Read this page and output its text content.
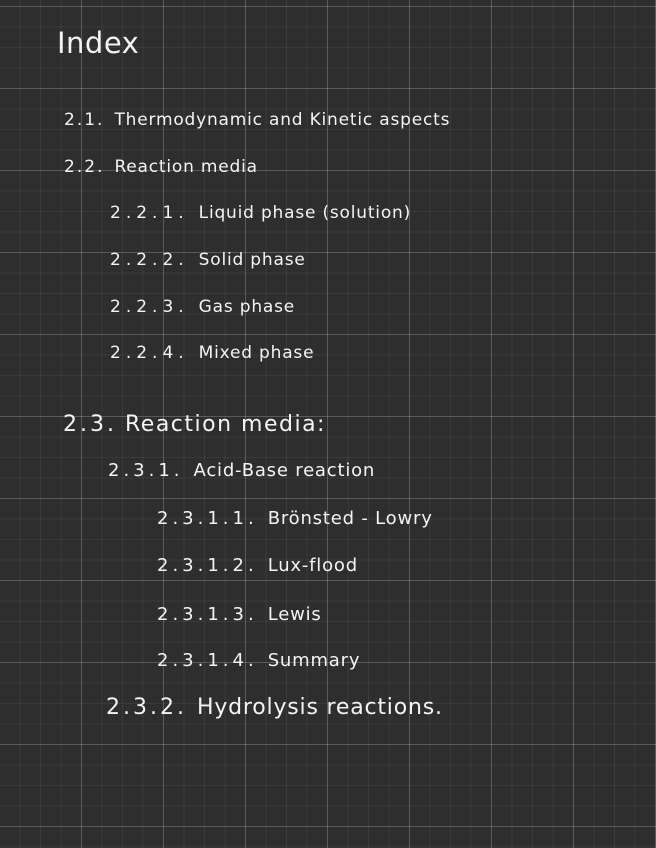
Index
2.1. Thermodynamic and Kinetic aspects
2.2. Reaction media
2.2.1. Liquid phase (solution)
2.2.2. Solid phase
2.2.3. Gas phase
2.2.4. Mixed phase
2.3. Reaction media:
2.3.1. Acid-Base reaction
2.3.1.1. Brönsted - Lowry
2.3.1.2. Lux-flood
2.3.1.3. Lewis
2.3.1.4. Summary
2.3.2. Hydrolysis reactions.
